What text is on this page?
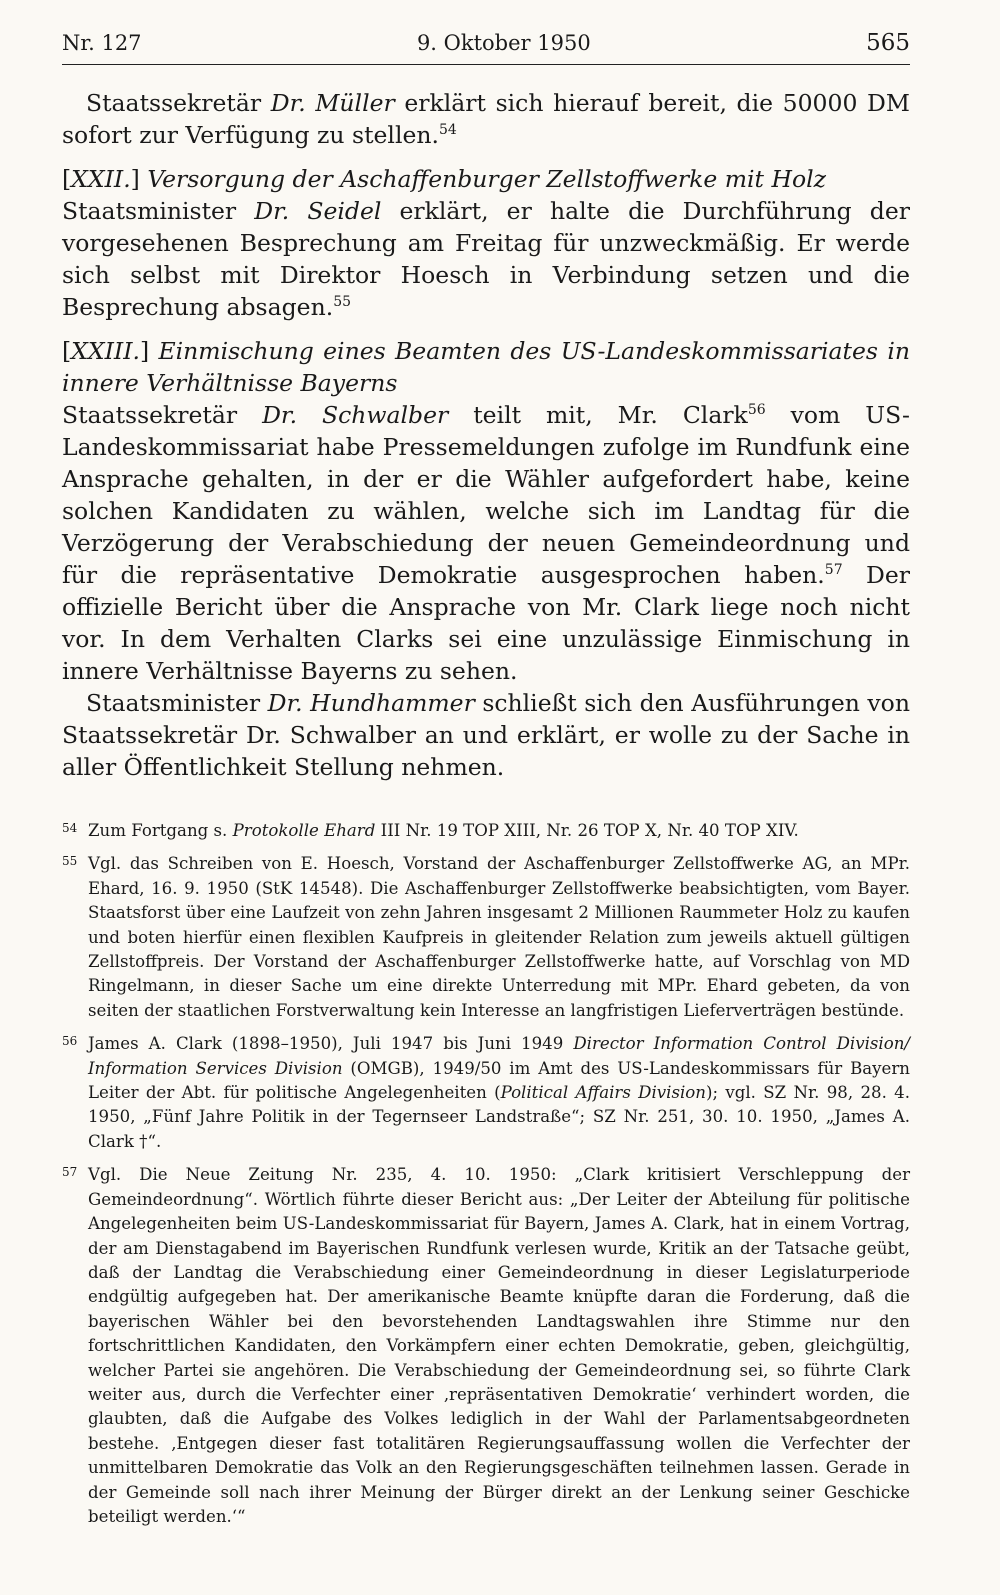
Nr. 127	9. Oktober 1950	565

Staatssekretär Dr. Müller erklärt sich hierauf bereit, die 50000 DM sofort zur Verfügung zu stellen.$^{54}$

[XXII.] Versorgung der Aschaffenburger Zellstoffwerke mit Holz

Staatsminister Dr. Seidel erklärt, er halte die Durchführung der vorgesehenen Besprechung am Freitag für unzweckmäßig. Er werde sich selbst mit Direktor Hoesch in Verbindung setzen und die Besprechung absagen.$^{55}$

[XXIII.] Einmischung eines Beamten des US-Landeskommissariates in innere Verhältnisse Bayerns

Staatssekretär Dr. Schwalber teilt mit, Mr. Clark$^{56}$ vom US-Landeskommissariat habe Pressemeldungen zufolge im Rundfunk eine Ansprache gehalten, in der er die Wähler aufgefordert habe, keine solchen Kandidaten zu wählen, welche sich im Landtag für die Verzögerung der Verabschiedung der neuen Gemeindeordnung und für die repräsentative Demokratie ausgesprochen haben.$^{57}$ Der offizielle Bericht über die Ansprache von Mr. Clark liege noch nicht vor. In dem Verhalten Clarks sei eine unzulässige Einmischung in innere Verhältnisse Bayerns zu sehen.

Staatsminister Dr. Hundhammer schließt sich den Ausführungen von Staatssekretär Dr. Schwalber an und erklärt, er wolle zu der Sache in aller Öffentlichkeit Stellung nehmen.

54 Zum Fortgang s. Protokolle Ehard III Nr. 19 TOP XIII, Nr. 26 TOP X, Nr. 40 TOP XIV.
55 Vgl. das Schreiben von E. Hoesch, Vorstand der Aschaffenburger Zellstoffwerke AG, an MPr. Ehard, 16. 9. 1950 (StK 14548). Die Aschaffenburger Zellstoffwerke beabsichtigten, vom Bayer. Staatsforst über eine Laufzeit von zehn Jahren insgesamt 2 Millionen Raummeter Holz zu kaufen und boten hierfür einen flexiblen Kaufpreis in gleitender Relation zum jeweils aktuell gültigen Zellstoffpreis. Der Vorstand der Aschaffenburger Zellstoffwerke hatte, auf Vorschlag von MD Ringelmann, in dieser Sache um eine direkte Unterredung mit MPr. Ehard gebeten, da von seiten der staatlichen Forstverwaltung kein Interesse an langfristigen Lieferverträgen bestünde.
56 James A. Clark (1898–1950), Juli 1947 bis Juni 1949 Director Information Control Division/ Information Services Division (OMGB), 1949/50 im Amt des US-Landeskommissars für Bayern Leiter der Abt. für politische Angelegenheiten (Political Affairs Division); vgl. SZ Nr. 98, 28. 4. 1950, „Fünf Jahre Politik in der Tegernseer Landstraße“; SZ Nr. 251, 30. 10. 1950, „James A. Clark †“.
57 Vgl. Die Neue Zeitung Nr. 235, 4. 10. 1950: „Clark kritisiert Verschleppung der Gemeindeordnung“. Wörtlich führte dieser Bericht aus: „Der Leiter der Abteilung für politische Angelegenheiten beim US-Landeskommissariat für Bayern, James A. Clark, hat in einem Vortrag, der am Dienstagabend im Bayerischen Rundfunk verlesen wurde, Kritik an der Tatsache geübt, daß der Landtag die Verabschiedung einer Gemeindeordnung in dieser Legislaturperiode endgültig aufgegeben hat. Der amerikanische Beamte knüpfte daran die Forderung, daß die bayerischen Wähler bei den bevorstehenden Landtagswahlen ihre Stimme nur den fortschrittlichen Kandidaten, den Vorkämpfern einer echten Demokratie, geben, gleichgültig, welcher Partei sie angehören. Die Verabschiedung der Gemeindeordnung sei, so führte Clark weiter aus, durch die Verfechter einer ‚repräsentativen Demokratie‘ verhindert worden, die glaubten, daß die Aufgabe des Volkes lediglich in der Wahl der Parlamentsabgeordneten bestehe. ‚Entgegen dieser fast totalitären Regierungsauffassung wollen die Verfechter der unmittelbaren Demokratie das Volk an den Regierungsgeschäften teilnehmen lassen. Gerade in der Gemeinde soll nach ihrer Meinung der Bürger direkt an der Lenkung seiner Geschicke beteiligt werden.‘“
